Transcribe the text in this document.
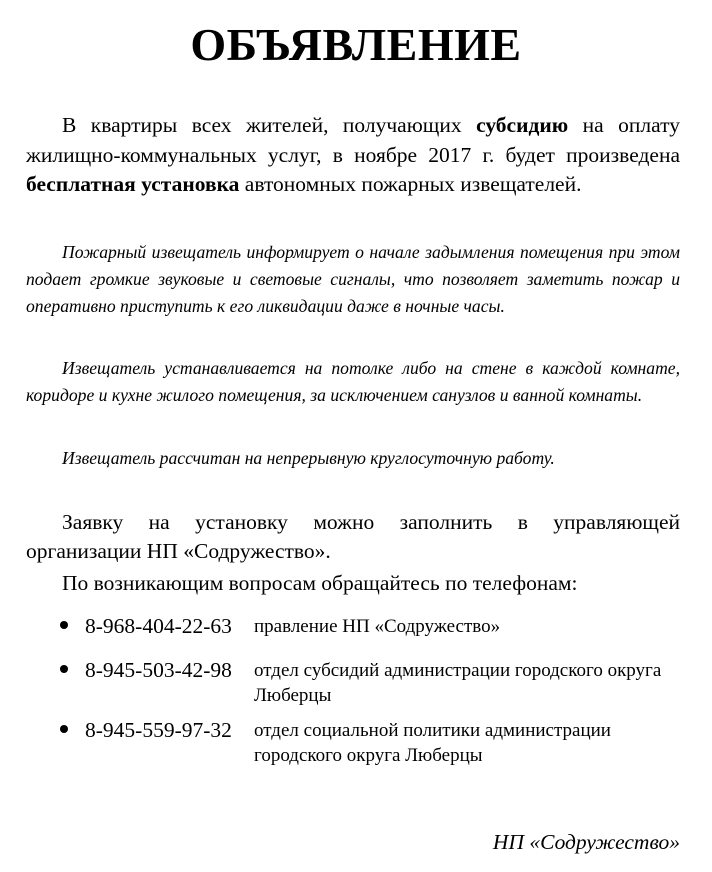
ОБЪЯВЛЕНИЕ

В квартиры всех жителей, получающих субсидию на оплату жилищно-коммунальных услуг, в ноябре 2017 г. будет произведена бесплатная установка автономных пожарных извещателей.

Пожарный извещатель информирует о начале задымления помещения при этом подает громкие звуковые и световые сигналы, что позволяет заметить пожар и оперативно приступить к его ликвидации даже в ночные часы.

Извещатель устанавливается на потолке либо на стене в каждой комнате, коридоре и кухне жилого помещения, за исключением санузлов и ванной комнаты.

Извещатель рассчитан на непрерывную круглосуточную работу.

Заявку на установку можно заполнить в управляющей организации НП «Содружество».

По возникающим вопросам обращайтесь по телефонам:

8-968-404-22-63 правление НП «Содружество»
8-945-503-42-98 отдел субсидий администрации городского округа Люберцы
8-945-559-97-32 отдел социальной политики администрации городского округа Люберцы
НП «Содружество»
